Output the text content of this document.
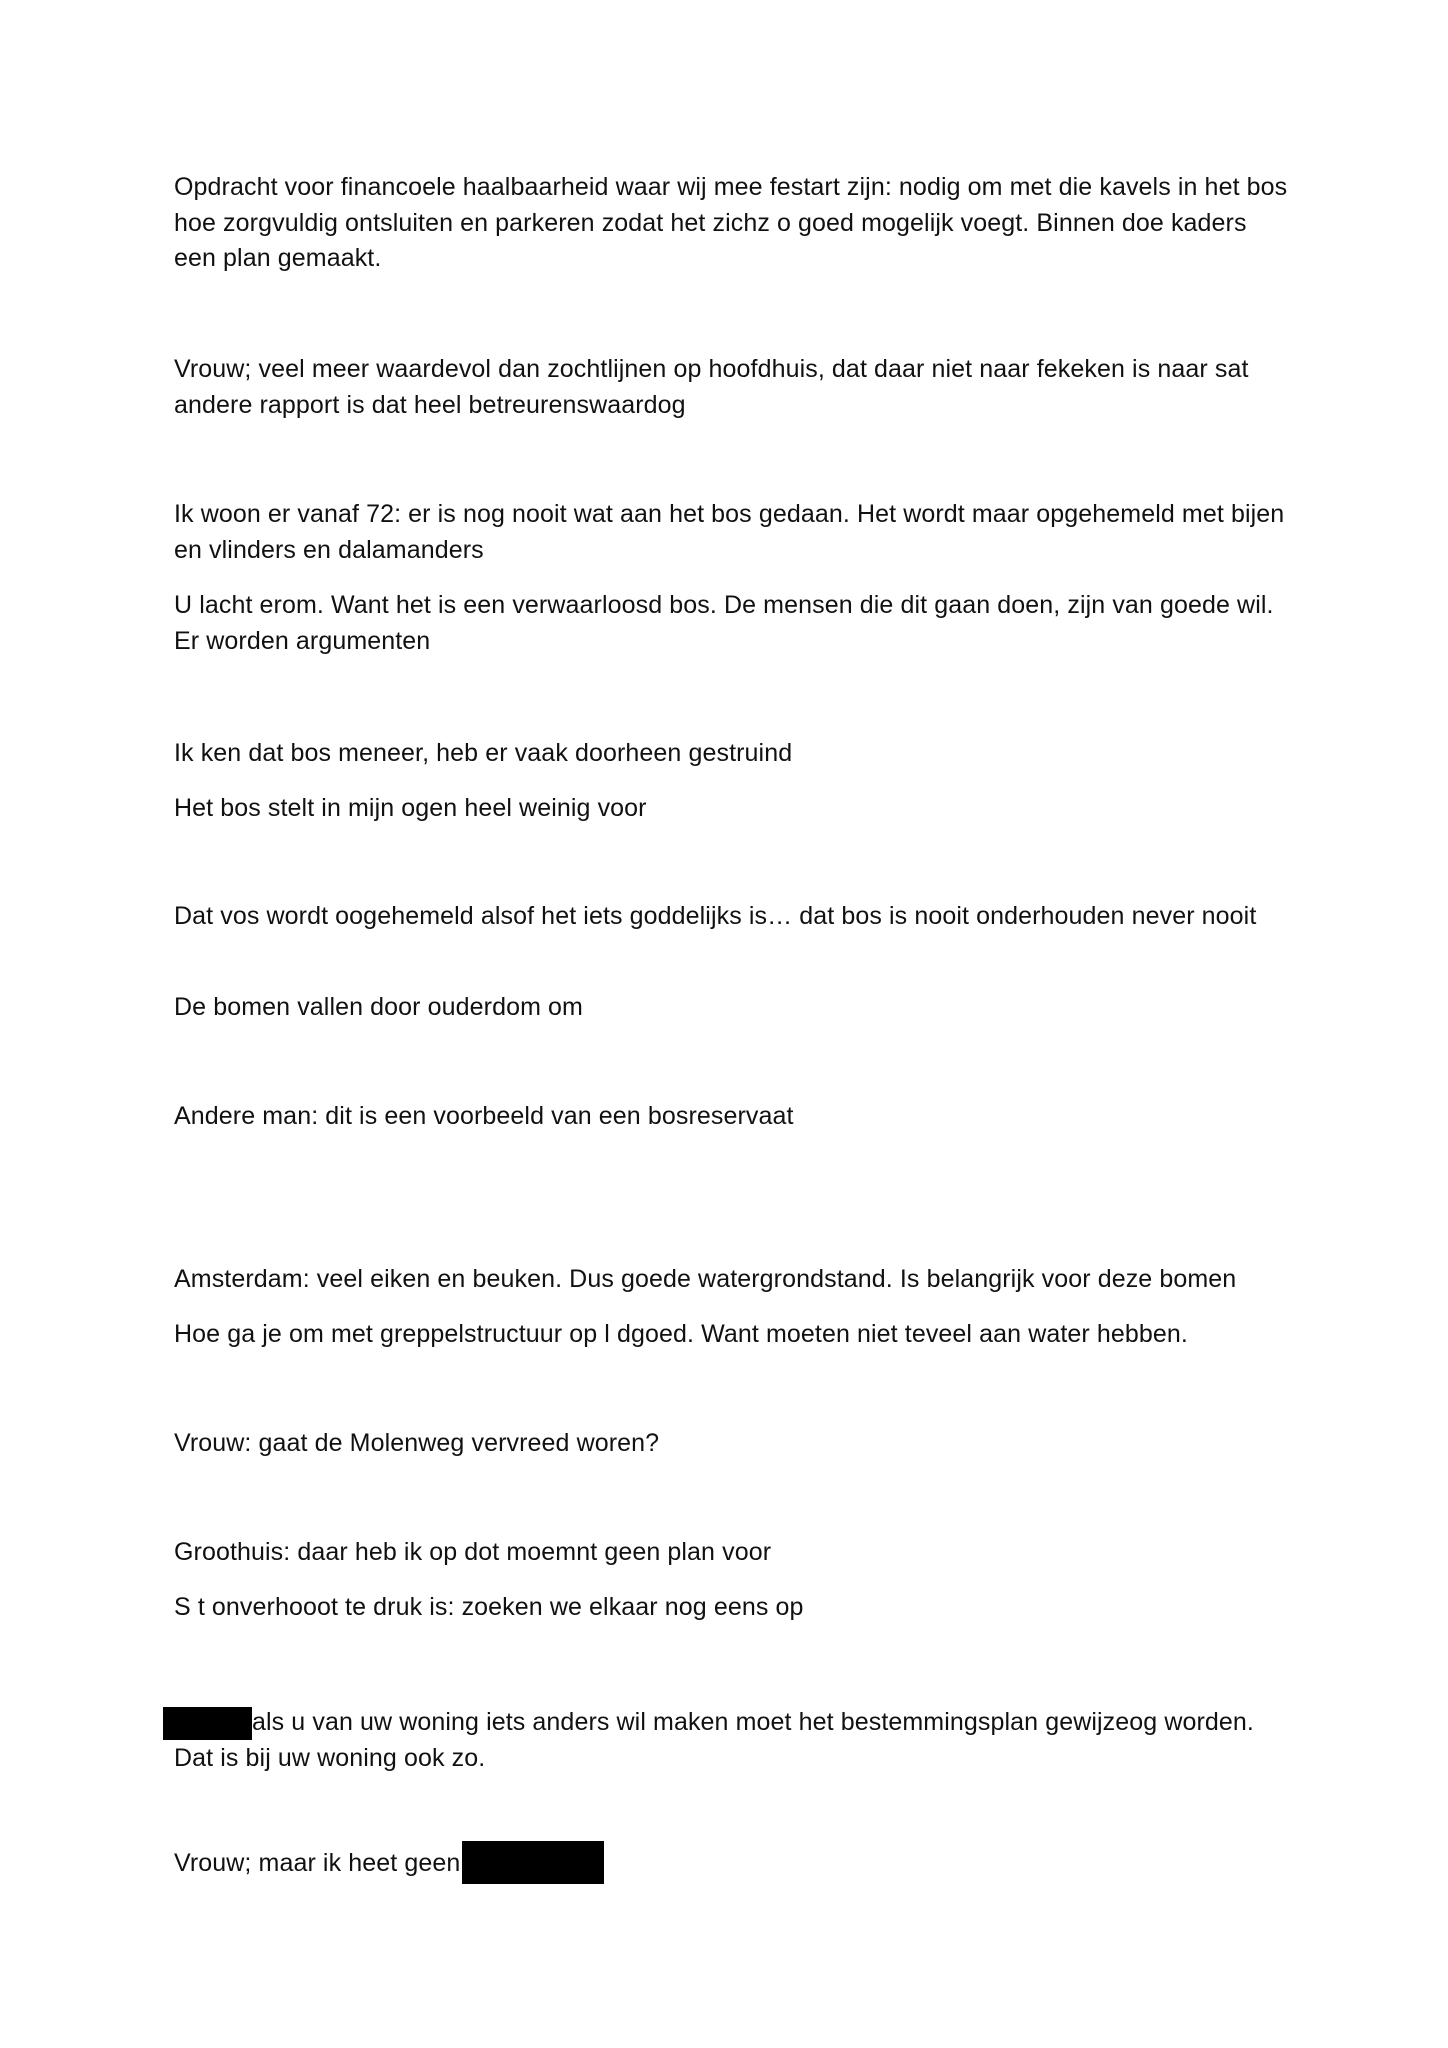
Opdracht voor financoele haalbaarheid waar wij mee festart zijn: nodig om met die kavels in het bos hoe zorgvuldig ontsluiten en parkeren zodat het zichz o goed mogelijk voegt. Binnen doe kaders een plan gemaakt.

Vrouw; veel meer waardevol dan zochtlijnen op hoofdhuis, dat daar niet naar fekeken is naar sat andere rapport is dat heel betreurenswaardog

Ik woon er vanaf 72: er is nog nooit wat aan het bos gedaan. Het wordt maar opgehemeld met bijen en vlinders en dalamanders

U lacht erom. Want het is een verwaarloosd bos. De mensen die dit gaan doen, zijn van goede wil. Er worden argumenten

Ik ken dat bos meneer, heb er vaak doorheen gestruind

Het bos stelt in mijn ogen heel weinig voor

Dat vos wordt oogehemeld alsof het iets goddelijks is… dat bos is nooit onderhouden never nooit

De bomen vallen door ouderdom om

Andere man: dit is een voorbeeld van een bosreservaat

Amsterdam: veel eiken en beuken. Dus goede watergrondstand. Is belangrijk voor deze bomen

Hoe ga je om met greppelstructuur op l dgoed. Want moeten niet teveel aan water hebben.

Vrouw: gaat de Molenweg vervreed woren?

Groothuis: daar heb ik op dot moemnt geen plan voor

S t onverhooot te druk is: zoeken we elkaar nog eens op

als u van uw woning iets anders wil maken moet het bestemmingsplan gewijzeog worden. Dat is bij uw woning ook zo.

Vrouw; maar ik heet geen
